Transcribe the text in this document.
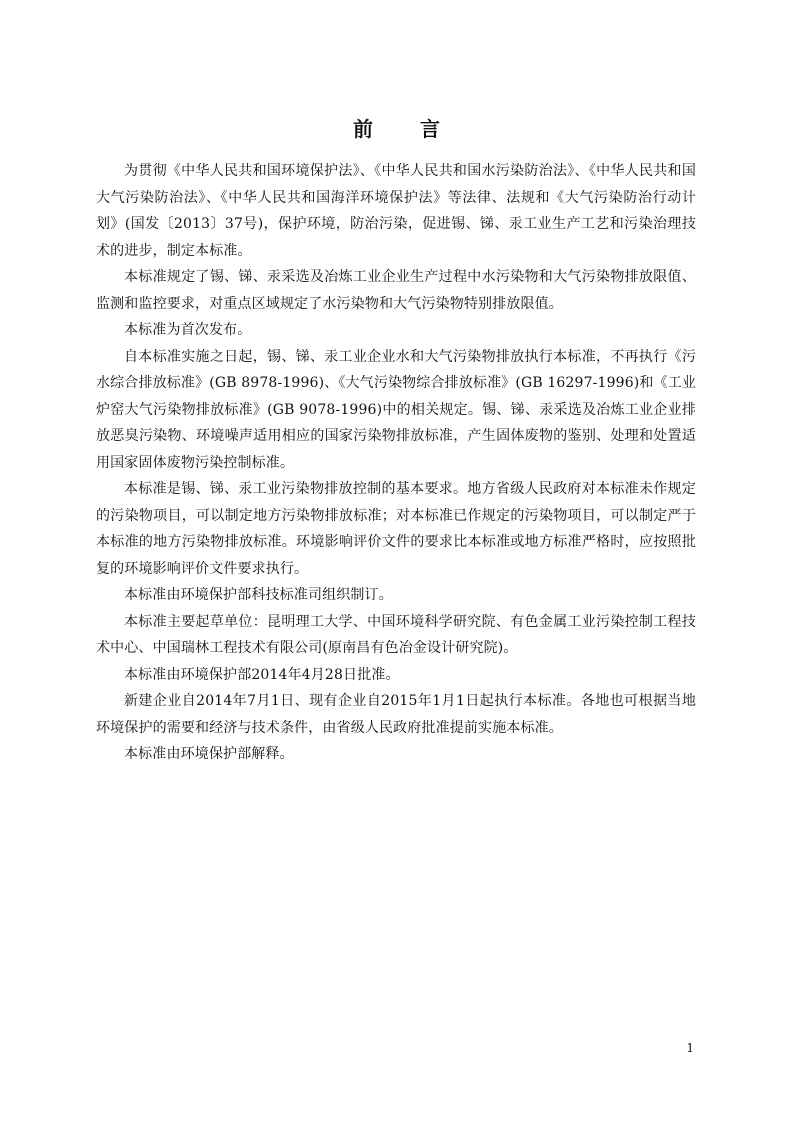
前 言

为贯彻《中华人民共和国环境保护法》、《中华人民共和国水污染防治法》、《中华人民共和国大气污染防治法》、《中华人民共和国海洋环境保护法》等法律、法规和《大气污染防治行动计划》(国发〔2013〕37号)，保护环境，防治污染，促进锡、锑、汞工业生产工艺和污染治理技术的进步，制定本标准。

本标准规定了锡、锑、汞采选及冶炼工业企业生产过程中水污染物和大气污染物排放限值、监测和监控要求，对重点区域规定了水污染物和大气污染物特别排放限值。

本标准为首次发布。

自本标准实施之日起，锡、锑、汞工业企业水和大气污染物排放执行本标准，不再执行《污水综合排放标准》(GB 8978-1996)、《大气污染物综合排放标准》(GB 16297-1996)和《工业炉窑大气污染物排放标准》(GB 9078-1996)中的相关规定。锡、锑、汞采选及冶炼工业企业排放恶臭污染物、环境噪声适用相应的国家污染物排放标准，产生固体废物的鉴别、处理和处置适用国家固体废物污染控制标准。

本标准是锡、锑、汞工业污染物排放控制的基本要求。地方省级人民政府对本标准未作规定的污染物项目，可以制定地方污染物排放标准；对本标准已作规定的污染物项目，可以制定严于本标准的地方污染物排放标准。环境影响评价文件的要求比本标准或地方标准严格时，应按照批复的环境影响评价文件要求执行。

本标准由环境保护部科技标准司组织制订。

本标准主要起草单位：昆明理工大学、中国环境科学研究院、有色金属工业污染控制工程技术中心、中国瑞林工程技术有限公司(原南昌有色冶金设计研究院)。

本标准由环境保护部2014年4月28日批准。

新建企业自2014年7月1日、现有企业自2015年1月1日起执行本标准。各地也可根据当地环境保护的需要和经济与技术条件，由省级人民政府批准提前实施本标准。

本标准由环境保护部解释。

1
